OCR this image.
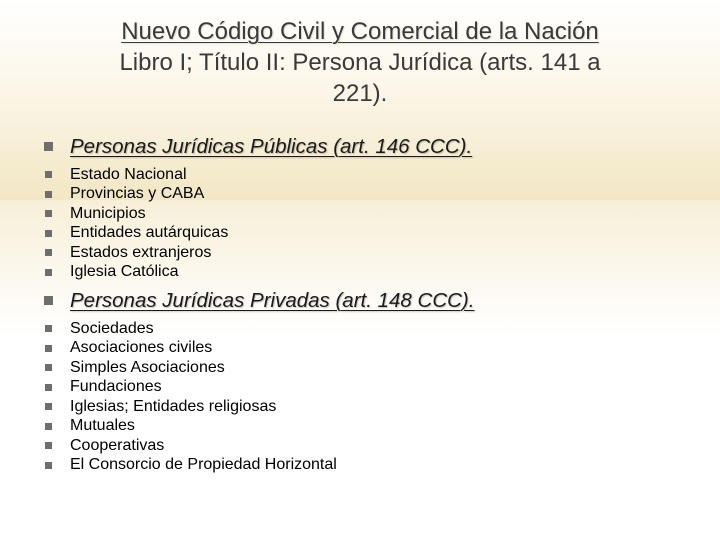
Nuevo Código Civil y Comercial de la Nación
Libro I; Título II: Persona Jurídica (arts. 141 a
221).
Personas Jurídicas Públicas (art. 146 CCC).
Estado Nacional
Provincias y CABA
Municipios
Entidades autárquicas
Estados extranjeros
Iglesia Católica
Personas Jurídicas Privadas (art. 148 CCC).
Sociedades
Asociaciones civiles
Simples Asociaciones
Fundaciones
Iglesias; Entidades religiosas
Mutuales
Cooperativas
El Consorcio de Propiedad Horizontal
